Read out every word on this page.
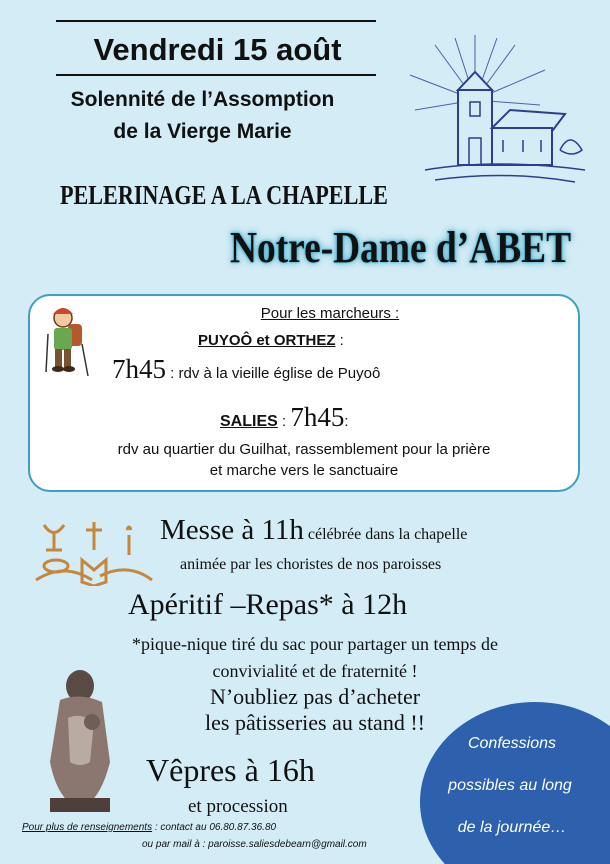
Vendredi 15 août
Solennité de l’Assomption
de la Vierge Marie
PELERINAGE A LA CHAPELLE
Notre-Dame d’ABET
Pour les marcheurs :
PUYOÔ et ORTHEZ :
7h45 : rdv à la vieille église de Puyoô
SALIES : 7h45:
rdv au quartier du Guilhat, rassemblement pour la prière
et marche vers le sanctuaire
Messe à 11h célébrée dans la chapelle
animée par les choristes de nos paroisses
Apéritif –Repas* à 12h
*pique-nique tiré du sac pour partager un temps de
convivialité et de fraternité !
N’oubliez pas d’acheter
les pâtisseries au stand !!
Vêpres à 16h
et procession
Confessions
possibles au long
de la journée…
Pour plus de renseignements : contact au 06.80.87.36.80
ou par mail à : paroisse.saliesdebearn@gmail.com
